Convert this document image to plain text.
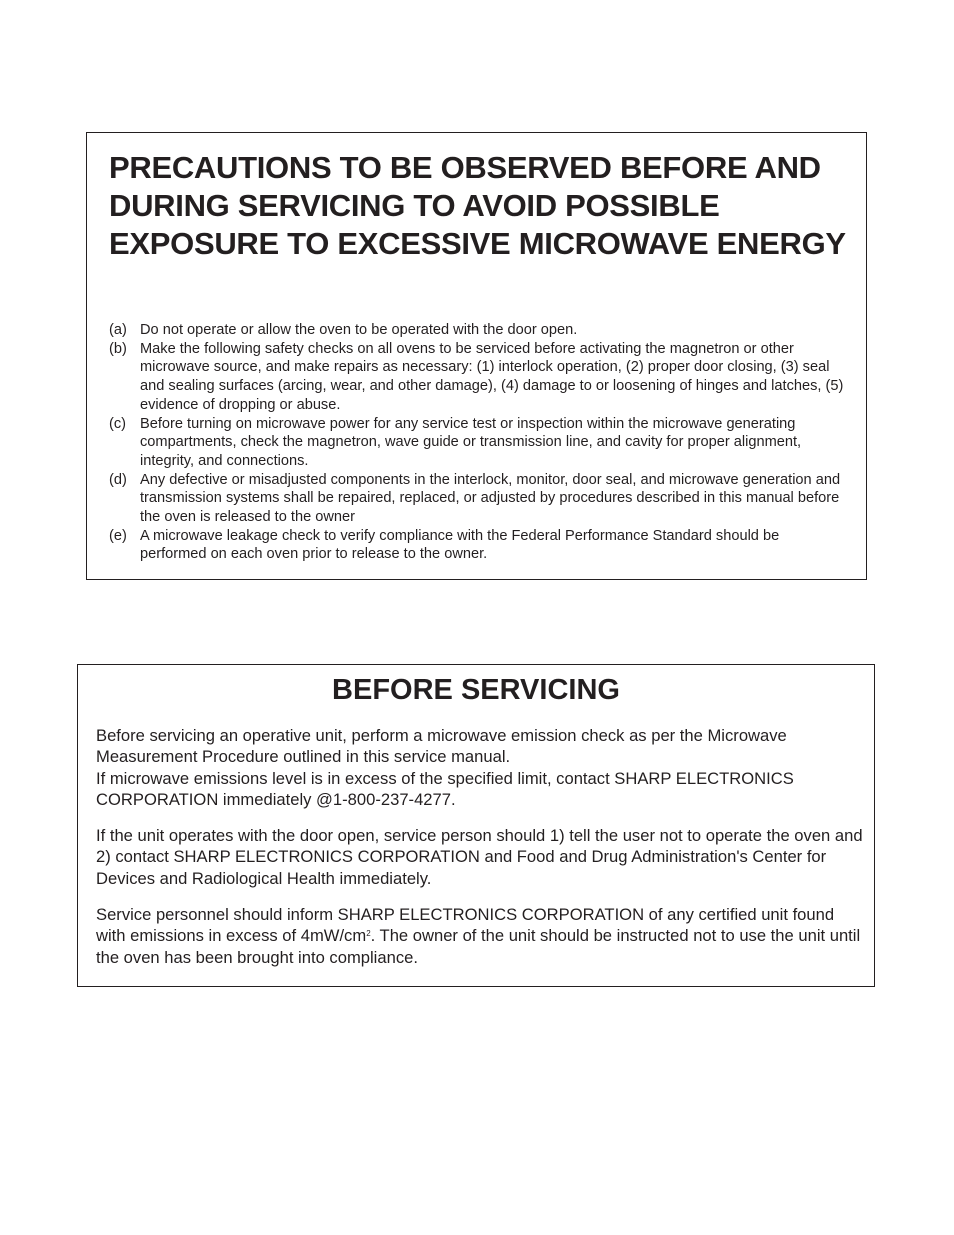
PRECAUTIONS TO BE OBSERVED BEFORE AND DURING SERVICING TO AVOID POSSIBLE EXPOSURE TO EXCESSIVE MICROWAVE ENERGY
(a) Do not operate or allow the oven to be operated with the door open.
(b) Make the following safety checks on all ovens to be serviced before activating the magnetron or other microwave source, and make repairs as necessary: (1) interlock operation, (2) proper door closing, (3) seal and sealing surfaces (arcing, wear, and other damage), (4) damage to or loosening of hinges and latches, (5) evidence of dropping or abuse.
(c) Before turning on microwave power for any service test or inspection within the microwave generating compartments, check the magnetron, wave guide or transmission line, and cavity for proper alignment, integrity, and connections.
(d) Any defective or misadjusted components in the interlock, monitor, door seal, and microwave generation and transmission systems shall be repaired, replaced, or adjusted by procedures described in this manual before the oven is released to the owner
(e) A microwave leakage check to verify compliance with the Federal Performance Standard should be performed on each oven prior to release to the owner.
BEFORE SERVICING

Before servicing an operative unit, perform a microwave emission check as per the Microwave Measurement Procedure outlined in this service manual.
If microwave emissions level is in excess of the specified limit, contact SHARP ELECTRONICS CORPORATION immediately @1-800-237-4277.

If the unit operates with the door open, service person should 1) tell the user not to operate the oven and 2) contact SHARP ELECTRONICS CORPORATION and Food and Drug Administration's Center for Devices and Radiological Health immediately.

Service personnel should inform SHARP ELECTRONICS CORPORATION of any certified unit found with emissions in excess of $4mW/cm^2$. The owner of the unit should be instructed not to use the unit until the oven has been brought into compliance.
